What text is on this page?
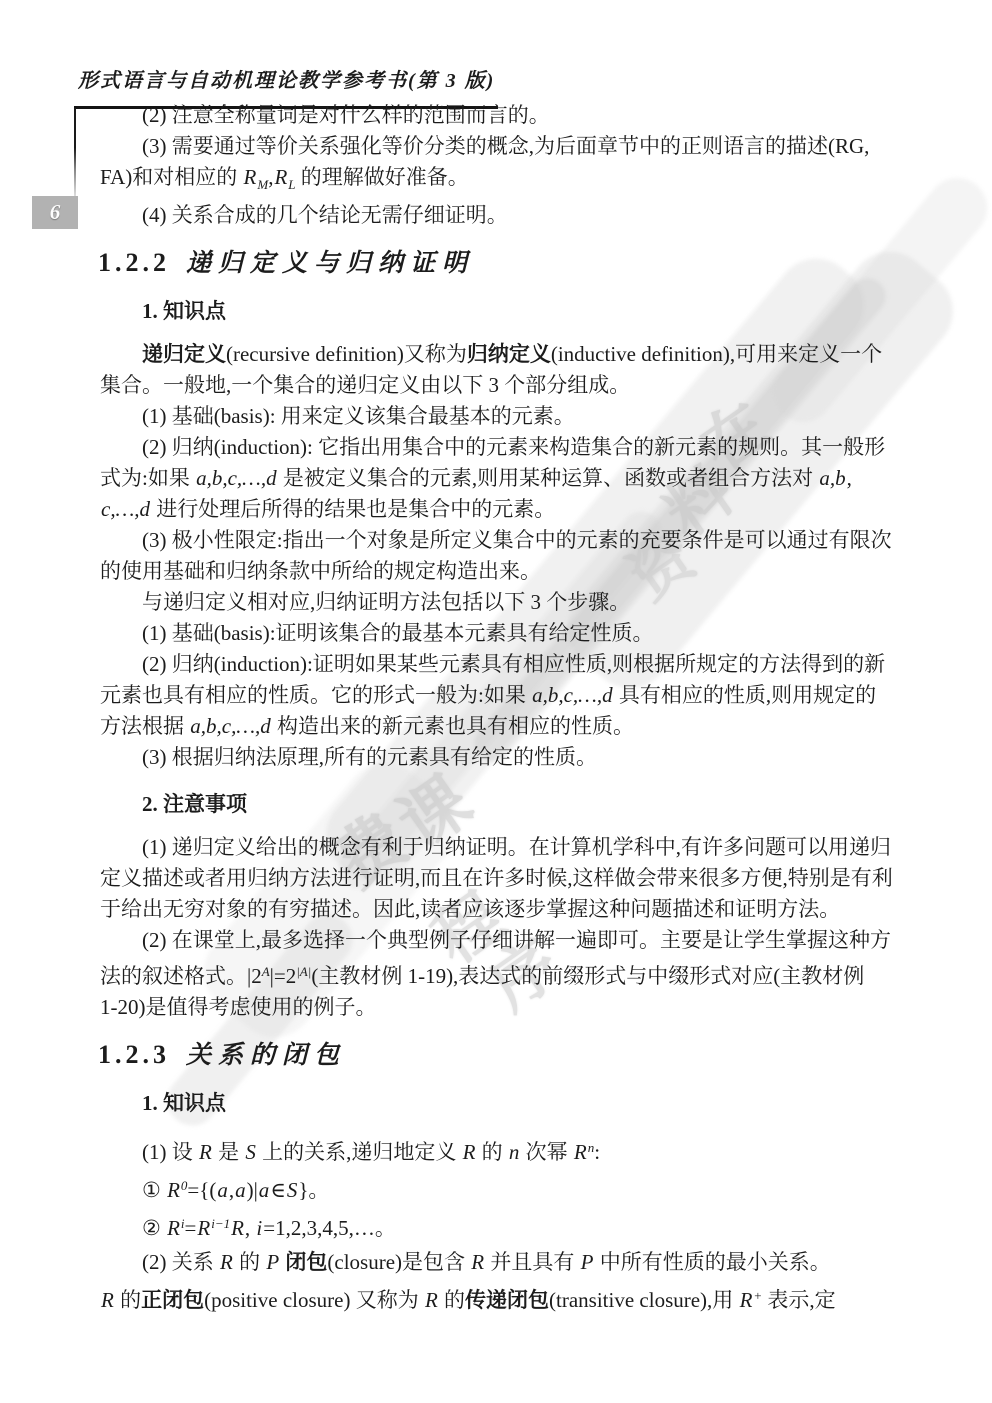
在
料
资
课
费
程
序
形式语言与自动机理论教学参考书(第 3 版)
6
(2) 注意全称量词是对什么样的范围而言的。
(3) 需要通过等价关系强化等价分类的概念,为后面章节中的正则语言的描述(RG,
FA)和对相应的 $R_M,R_L$ 的理解做好准备。
(4) 关系合成的几个结论无需仔细证明。
1.2.2 递归定义与归纳证明
1. 知识点
递归定义(recursive definition)又称为归纳定义(inductive definition),可用来定义一个
集合。一般地,一个集合的递归定义由以下 3 个部分组成。
(1) 基础(basis): 用来定义该集合最基本的元素。
(2) 归纳(induction): 它指出用集合中的元素来构造集合的新元素的规则。其一般形
式为:如果 a,b,c,…,d 是被定义集合的元素,则用某种运算、函数或者组合方法对 a,b,
c,…,d 进行处理后所得的结果也是集合中的元素。
(3) 极小性限定:指出一个对象是所定义集合中的元素的充要条件是可以通过有限次
的使用基础和归纳条款中所给的规定构造出来。
与递归定义相对应,归纳证明方法包括以下 3 个步骤。
(1) 基础(basis):证明该集合的最基本元素具有给定性质。
(2) 归纳(induction):证明如果某些元素具有相应性质,则根据所规定的方法得到的新
元素也具有相应的性质。它的形式一般为:如果 a,b,c,…,d 具有相应的性质,则用规定的
方法根据 a,b,c,…,d 构造出来的新元素也具有相应的性质。
(3) 根据归纳法原理,所有的元素具有给定的性质。
2. 注意事项
(1) 递归定义给出的概念有利于归纳证明。在计算机学科中,有许多问题可以用递归
定义描述或者用归纳方法进行证明,而且在许多时候,这样做会带来很多方便,特别是有利
于给出无穷对象的有穷描述。因此,读者应该逐步掌握这种问题描述和证明方法。
(2) 在课堂上,最多选择一个典型例子仔细讲解一遍即可。主要是让学生掌握这种方
法的叙述格式。$|2^A|=2^{|A|}$(主教材例 1-19),表达式的前缀形式与中缀形式对应(主教材例
1-20)是值得考虑使用的例子。
1.2.3 关系的闭包
1. 知识点
(1) 设 R 是 S 上的关系,递归地定义 R 的 n 次幂 $R^n$:
① $R^0=\{(a,a)|a\in S\}$。
② $R^i=R^{i-1}R$, i=1,2,3,4,5,…。
(2) 关系 R 的 P 闭包(closure)是包含 R 并且具有 P 中所有性质的最小关系。
R 的正闭包(positive closure) 又称为 R 的传递闭包(transitive closure),用 R+ 表示,定
